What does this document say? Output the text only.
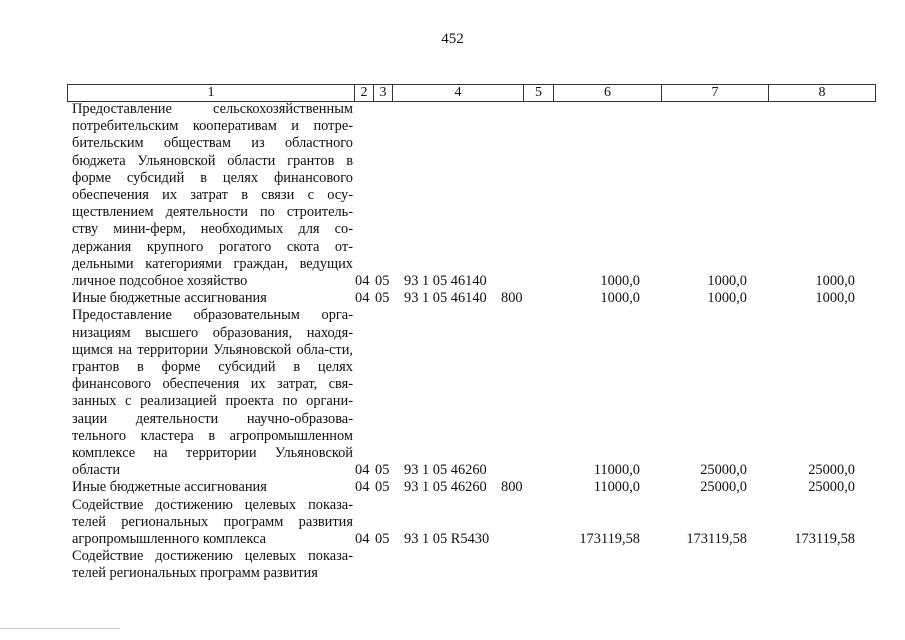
452
1	2	3	4	5	6	7	8
Предоставление сельскохозяйственным потребительским кооперативам и потре-бительским обществам из областного бюджета Ульяновской области грантов в форме субсидий в целях финансового обеспечения их затрат в связи с осу-ществлением деятельности по строитель-ству мини-ферм, необходимых для со-держания крупного рогатого скота от-дельными категориями граждан, ведущих личное подсобное хозяйство	04 05 93 1 05 46140	1000,0	1000,0	1000,0
Иные бюджетные ассигнования	04 05 93 1 05 46140 800	1000,0	1000,0	1000,0
Предоставление образовательным орга-низациям высшего образования, находя-щимся на территории Ульяновской обла-сти, грантов в форме субсидий в целях финансового обеспечения их затрат, свя-занных с реализацией проекта по органи-зации деятельности научно-образова-тельного кластера в агропромышленном комплексе на территории Ульяновской области	04 05 93 1 05 46260	11000,0	25000,0	25000,0
Иные бюджетные ассигнования	04 05 93 1 05 46260 800	11000,0	25000,0	25000,0
Содействие достижению целевых показа-телей региональных программ развития агропромышленного комплекса	04 05 93 1 05 R5430	173119,58	173119,58	173119,58
Содействие достижению целевых показа-телей региональных программ развития
